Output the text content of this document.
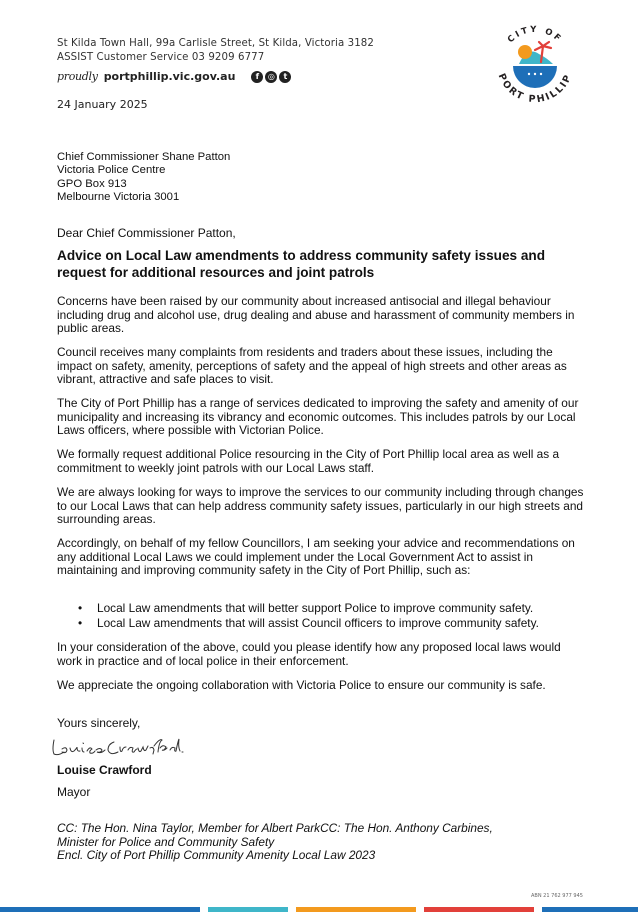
St Kilda Town Hall, 99a Carlisle Street, St Kilda, Victoria 3182
ASSIST Customer Service 03 9209 6777
proudly portphillip.vic.gov.au	f	◎	t
24 January 2025
CITY OF
PORT PHILLIP
Chief Commissioner Shane Patton
Victoria Police Centre
GPO Box 913
Melbourne Victoria 3001
Dear Chief Commissioner Patton,
Advice on Local Law amendments to address community safety issues and request for additional resources and joint patrols
Concerns have been raised by our community about increased antisocial and illegal behaviour including drug and alcohol use, drug dealing and abuse and harassment of community members in public areas.
Council receives many complaints from residents and traders about these issues, including the impact on safety, amenity, perceptions of safety and the appeal of high streets and other areas as vibrant, attractive and safe places to visit.
The City of Port Phillip has a range of services dedicated to improving the safety and amenity of our municipality and increasing its vibrancy and economic outcomes. This includes patrols by our Local Laws officers, where possible with Victorian Police.
We formally request additional Police resourcing in the City of Port Phillip local area as well as a commitment to weekly joint patrols with our Local Laws staff.
We are always looking for ways to improve the services to our community including through changes to our Local Laws that can help address community safety issues, particularly in our high streets and surrounding areas.
Accordingly, on behalf of my fellow Councillors, I am seeking your advice and recommendations on any additional Local Laws we could implement under the Local Government Act to assist in maintaining and improving community safety in the City of Port Phillip, such as:
• Local Law amendments that will better support Police to improve community safety.
• Local Law amendments that will assist Council officers to improve community safety.
In your consideration of the above, could you please identify how any proposed local laws would work in practice and of local police in their enforcement.
We appreciate the ongoing collaboration with Victoria Police to ensure our community is safe.
Yours sincerely,
Louise Crawford
Mayor
CC: The Hon. Nina Taylor, Member for Albert ParkCC: The Hon. Anthony Carbines,
Minister for Police and Community Safety
Encl. City of Port Phillip Community Amenity Local Law 2023
ABN 21 762 977 945
